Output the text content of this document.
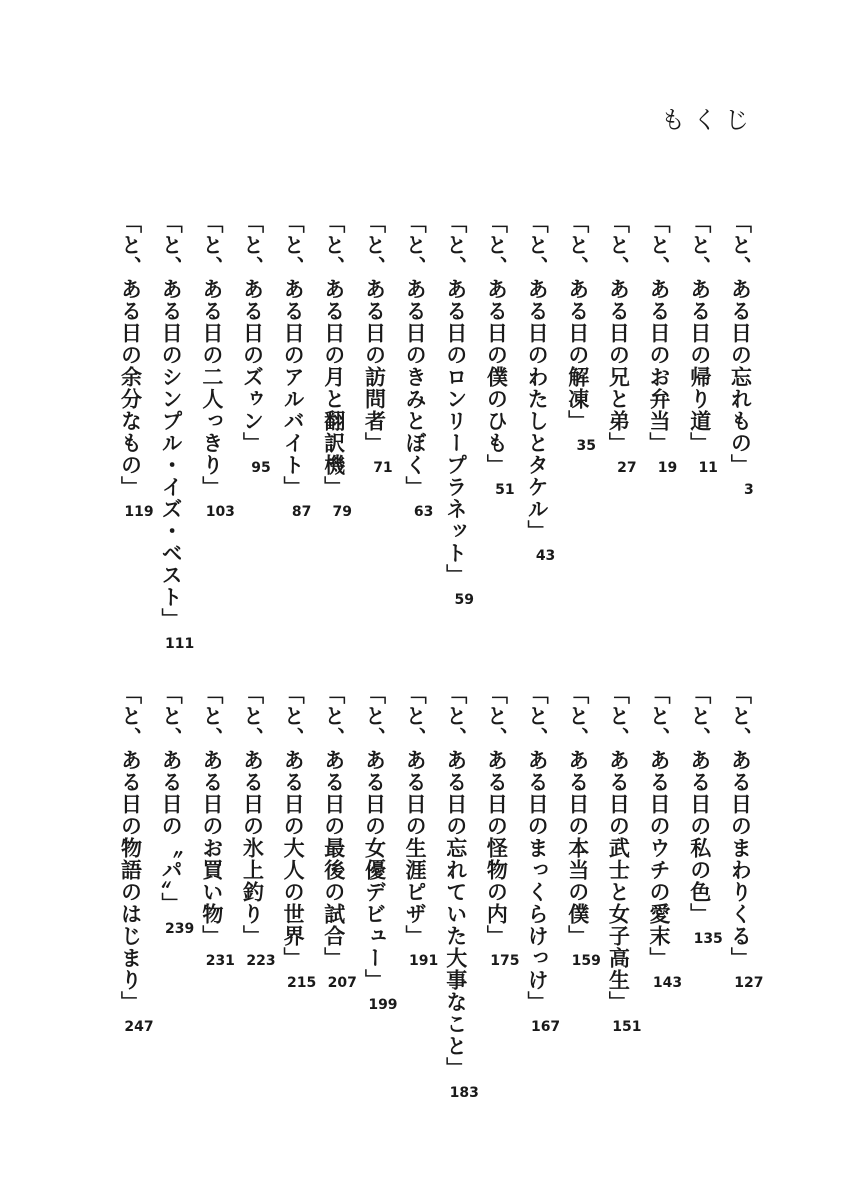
もくじ
「と、ある日の忘れもの」
3
「と、ある日の帰り道」
11
「と、ある日のお弁当」
19
「と、ある日の兄と弟」
27
「と、ある日の解凍」
35
「と、ある日のわたしとタケル」
43
「と、ある日の僕のひも」
51
「と、ある日のロンリープラネット」
59
「と、ある日のきみとぼく」
63
「と、ある日の訪問者」
71
「と、ある日の月と翻訳機」
79
「と、ある日のアルバイト」
87
「と、ある日のズゥン」
95
「と、ある日の二人っきり」
103
「と、ある日のシンプル・イズ・ベスト」
111
「と、ある日の余分なもの」
119
「と、ある日のまわりくる」
127
「と、ある日の私の色」
135
「と、ある日のウチの愛末」
143
「と、ある日の武士と女子高生」
151
「と、ある日の本当の僕」
159
「と、ある日のまっくらけっけ」
167
「と、ある日の怪物の内」
175
「と、ある日の忘れていた大事なこと」
183
「と、ある日の生涯ピザ」
191
「と、ある日の女優デビュー」
199
「と、ある日の最後の試合」
207
「と、ある日の大人の世界」
215
「と、ある日の氷上釣り」
223
「と、ある日のお買い物」
231
「と、ある日の〝パ〟」
239
「と、ある日の物語のはじまり」
247
